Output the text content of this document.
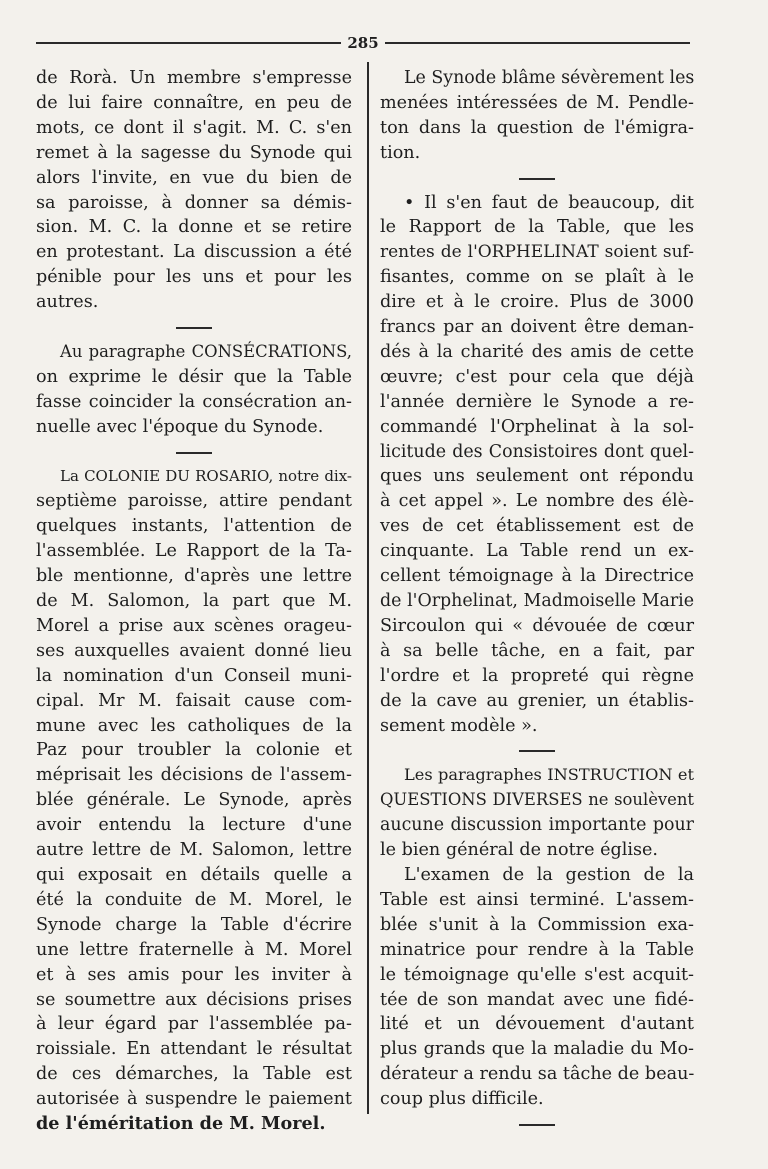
285
de Rorà. Un membre s'empresse
de lui faire connaître, en peu de
mots, ce dont il s'agit. M. C. s'en
remet à la sagesse du Synode qui
alors l'invite, en vue du bien de
sa paroisse, à donner sa démis-
sion. M. C. la donne et se retire
en protestant. La discussion a été
pénible pour les uns et pour les
autres.
Au paragraphe CONSÉCRATIONS,
on exprime le désir que la Table
fasse coincider la consécration an-
nuelle avec l'époque du Synode.
La COLONIE DU ROSARIO, notre dix-
septième paroisse, attire pendant
quelques instants, l'attention de
l'assemblée. Le Rapport de la Ta-
ble mentionne, d'après une lettre
de M. Salomon, la part que M.
Morel a prise aux scènes orageu-
ses auxquelles avaient donné lieu
la nomination d'un Conseil muni-
cipal. Mr M. faisait cause com-
mune avec les catholiques de la
Paz pour troubler la colonie et
méprisait les décisions de l'assem-
blée générale. Le Synode, après
avoir entendu la lecture d'une
autre lettre de M. Salomon, lettre
qui exposait en détails quelle a
été la conduite de M. Morel, le
Synode charge la Table d'écrire
une lettre fraternelle à M. Morel
et à ses amis pour les inviter à
se soumettre aux décisions prises
à leur égard par l'assemblée pa-
roissiale. En attendant le résultat
de ces démarches, la Table est
autorisée à suspendre le paiement
de l'éméritation de M. Morel.
Le Synode blâme sévèrement les
menées intéressées de M. Pendle-
ton dans la question de l'émigra-
tion.
• Il s'en faut de beaucoup, dit
le Rapport de la Table, que les
rentes de l'ORPHELINAT soient suf-
fisantes, comme on se plaît à le
dire et à le croire. Plus de 3000
francs par an doivent être deman-
dés à la charité des amis de cette
œuvre; c'est pour cela que déjà
l'année dernière le Synode a re-
commandé l'Orphelinat à la sol-
licitude des Consistoires dont quel-
ques uns seulement ont répondu
à cet appel ». Le nombre des élè-
ves de cet établissement est de
cinquante. La Table rend un ex-
cellent témoignage à la Directrice
de l'Orphelinat, Madmoiselle Marie
Sircoulon qui « dévouée de cœur
à sa belle tâche, en a fait, par
l'ordre et la propreté qui règne
de la cave au grenier, un établis-
sement modèle ».
Les paragraphes INSTRUCTION et
QUESTIONS DIVERSES ne soulèvent
aucune discussion importante pour
le bien général de notre église.
L'examen de la gestion de la
Table est ainsi terminé. L'assem-
blée s'unit à la Commission exa-
minatrice pour rendre à la Table
le témoignage qu'elle s'est acquit-
tée de son mandat avec une fidé-
lité et un dévouement d'autant
plus grands que la maladie du Mo-
dérateur a rendu sa tâche de beau-
coup plus difficile.
